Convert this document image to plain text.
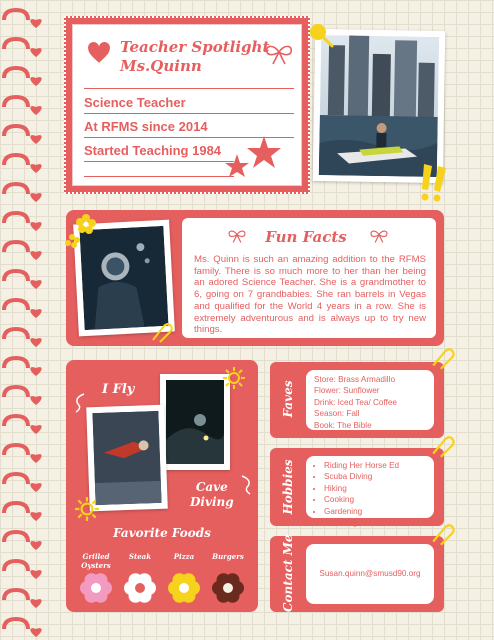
Teacher Spotlight
Ms.Quinn
Science Teacher
At RFMS since 2014
Started Teaching 1984
Fun Facts
Ms. Quinn is such an amazing addition to the RFMS family. There is so much more to her than her being an adored Science Teacher. She is a grandmother to 6, going on 7 grandbabies. She ran barrels in Vegas and qualified for the World 4 years in a row. She is extremely adventurous and is always up to try new things.
I Fly
Cave
Diving
Favorite Foods
Grilled
Oysters
Steak	Pizza	Burgers
Faves
Store: Brass Armadillo
Flower: Sunflower
Drink: Iced Tea/ Coffee
Season: Fall
Book: The Bible
Hobbies
•	Riding Her Horse Ed
• Scuba Diving
• Hiking
• Cooking
• Gardening
• Traveling
Contact Me	Susan.quinn@smusd90.org
